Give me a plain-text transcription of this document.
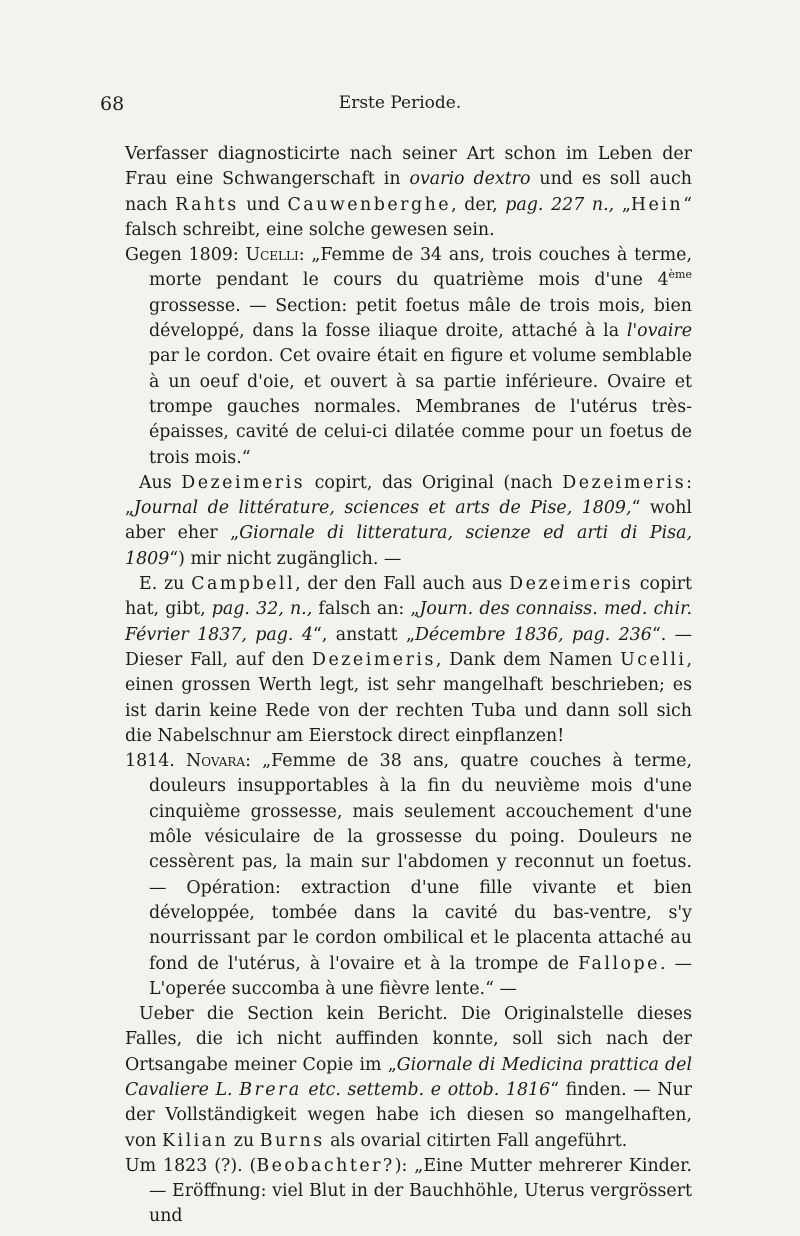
68	Erste Periode.

Verfasser diagnosticirte nach seiner Art schon im Leben der Frau eine Schwangerschaft in ovario dextro und es soll auch nach Rahts und Cauwenberghe, der, pag. 227 n., „Hein“ falsch schreibt, eine solche gewesen sein.

Gegen 1809: Ucelli: „Femme de 34 ans, trois couches à terme, morte pendant le cours du quatrième mois d'une 4ème grossesse. — Section: petit foetus mâle de trois mois, bien développé, dans la fosse iliaque droite, attaché à la l'ovaire par le cordon. Cet ovaire était en figure et volume semblable à un oeuf d'oie, et ouvert à sa partie inférieure. Ovaire et trompe gauches normales. Membranes de l'utérus très-épaisses, cavité de celui-ci dilatée comme pour un foetus de trois mois.“

Aus Dezeimeris copirt, das Original (nach Dezeimeris: „Journal de littérature, sciences et arts de Pise, 1809,“ wohl aber eher „Giornale di litteratura, scienze ed arti di Pisa, 1809“) mir nicht zugänglich. —

E. zu Campbell, der den Fall auch aus Dezeimeris copirt hat, gibt, pag. 32, n., falsch an: „Journ. des connaiss. med. chir. Février 1837, pag. 4“, anstatt „Décembre 1836, pag. 236“. — Dieser Fall, auf den Dezeimeris, Dank dem Namen Ucelli, einen grossen Werth legt, ist sehr mangelhaft beschrieben; es ist darin keine Rede von der rechten Tuba und dann soll sich die Nabelschnur am Eierstock direct einpflanzen!

1814. Novara: „Femme de 38 ans, quatre couches à terme, douleurs insupportables à la fin du neuvième mois d'une cinquième grossesse, mais seulement accouchement d'une môle vésiculaire de la grossesse du poing. Douleurs ne cessèrent pas, la main sur l'abdomen y reconnut un foetus. — Opération: extraction d'une fille vivante et bien développée, tombée dans la cavité du bas-ventre, s'y nourrissant par le cordon ombilical et le placenta attaché au fond de l'utérus, à l'ovaire et à la trompe de Fallope. — L'operée succomba à une fièvre lente.“ —

Ueber die Section kein Bericht. Die Originalstelle dieses Falles, die ich nicht auffinden konnte, soll sich nach der Ortsangabe meiner Copie im „Giornale di Medicina prattica del Cavaliere L. Brera etc. settemb. e ottob. 1816“ finden. — Nur der Vollständigkeit wegen habe ich diesen so mangelhaften, von Kilian zu Burns als ovarial citirten Fall angeführt.

Um 1823 (?). (Beobachter?): „Eine Mutter mehrerer Kinder. — Eröffnung: viel Blut in der Bauchhöhle, Uterus vergrössert und
